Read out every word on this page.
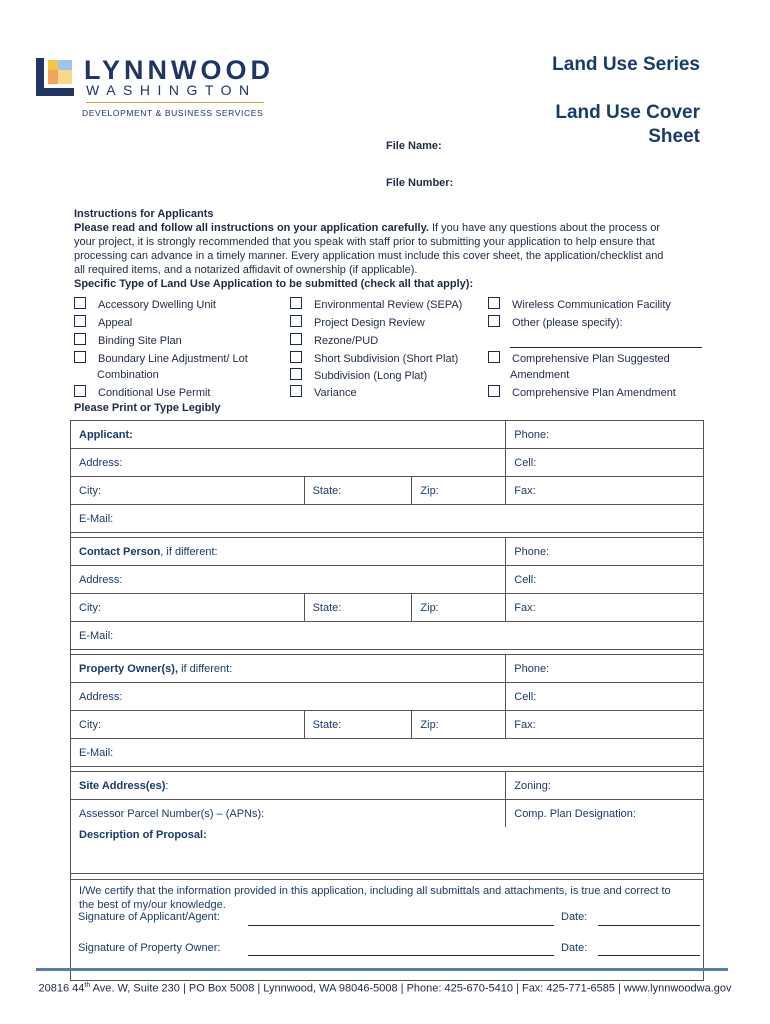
LYNNWOOD
WASHINGTON
DEVELOPMENT & BUSINESS SERVICES
Land Use Series
Land Use Cover
Sheet
File Name:
File Number:
Instructions for Applicants
Please read and follow all instructions on your application carefully. If you have any questions about the process or
your project, it is strongly recommended that you speak with staff prior to submitting your application to help ensure that
processing can advance in a timely manner. Every application must include this cover sheet, the application/checklist and
all required items, and a notarized affidavit of ownership (if applicable).
Specific Type of Land Use Application to be submitted (check all that apply):
Accessory Dwelling Unit
Appeal
Binding Site Plan
Boundary Line Adjustment/ Lot
Combination
Conditional Use Permit
Environmental Review (SEPA)
Project Design Review
Rezone/PUD
Short Subdivision (Short Plat)
Subdivision (Long Plat)
Variance
Wireless Communication Facility
Other (please specify):
Comprehensive Plan Suggested
Amendment
Comprehensive Plan Amendment
Please Print or Type Legibly
Applicant:			Phone:
Address:			Cell:
City:	State:	Zip:	Fax:
E-Mail:			

Contact Person, if different:			Phone:
Address:			Cell:
City:	State:	Zip:	Fax:
E-Mail:			

Property Owner(s), if different:			Phone:
Address:			Cell:
City:	State:	Zip:	Fax:
E-Mail:			

Site Address(es):			Zoning:
Assessor Parcel Number(s) – (APNs):			Comp. Plan Designation:
Description of Proposal:			

I/We certify that the information provided in this application, including all submittals and attachments, is true and correct to
the best of my/our knowledge.			
Signature of Applicant/Agent:	Date:
Signature of Property Owner:	Date:
20816 44th Ave. W, Suite 230 | PO Box 5008 | Lynnwood, WA 98046-5008 | Phone: 425-670-5410 | Fax: 425-771-6585 | www.lynnwoodwa.gov
